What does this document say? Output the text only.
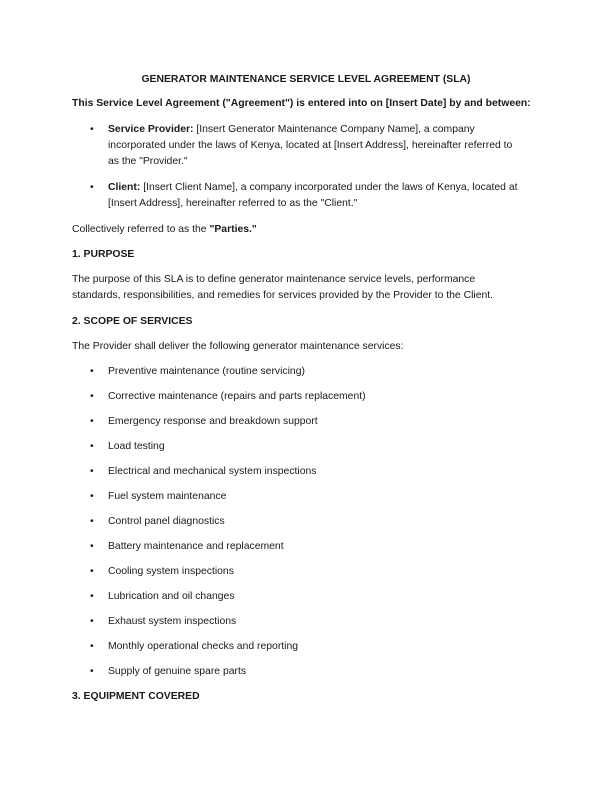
GENERATOR MAINTENANCE SERVICE LEVEL AGREEMENT (SLA)
This Service Level Agreement ("Agreement") is entered into on [Insert Date] by and between:
•	Service Provider: [Insert Generator Maintenance Company Name], a company
incorporated under the laws of Kenya, located at [Insert Address], hereinafter referred to
as the "Provider."
•	Client: [Insert Client Name], a company incorporated under the laws of Kenya, located at
[Insert Address], hereinafter referred to as the "Client."
Collectively referred to as the "Parties."
1. PURPOSE
The purpose of this SLA is to define generator maintenance service levels, performance
standards, responsibilities, and remedies for services provided by the Provider to the Client.
2. SCOPE OF SERVICES
The Provider shall deliver the following generator maintenance services:
•	Preventive maintenance (routine servicing)
•	Corrective maintenance (repairs and parts replacement)
•	Emergency response and breakdown support
•	Load testing
•	Electrical and mechanical system inspections
•	Fuel system maintenance
•	Control panel diagnostics
•	Battery maintenance and replacement
•	Cooling system inspections
•	Lubrication and oil changes
•	Exhaust system inspections
•	Monthly operational checks and reporting
•	Supply of genuine spare parts
3. EQUIPMENT COVERED
